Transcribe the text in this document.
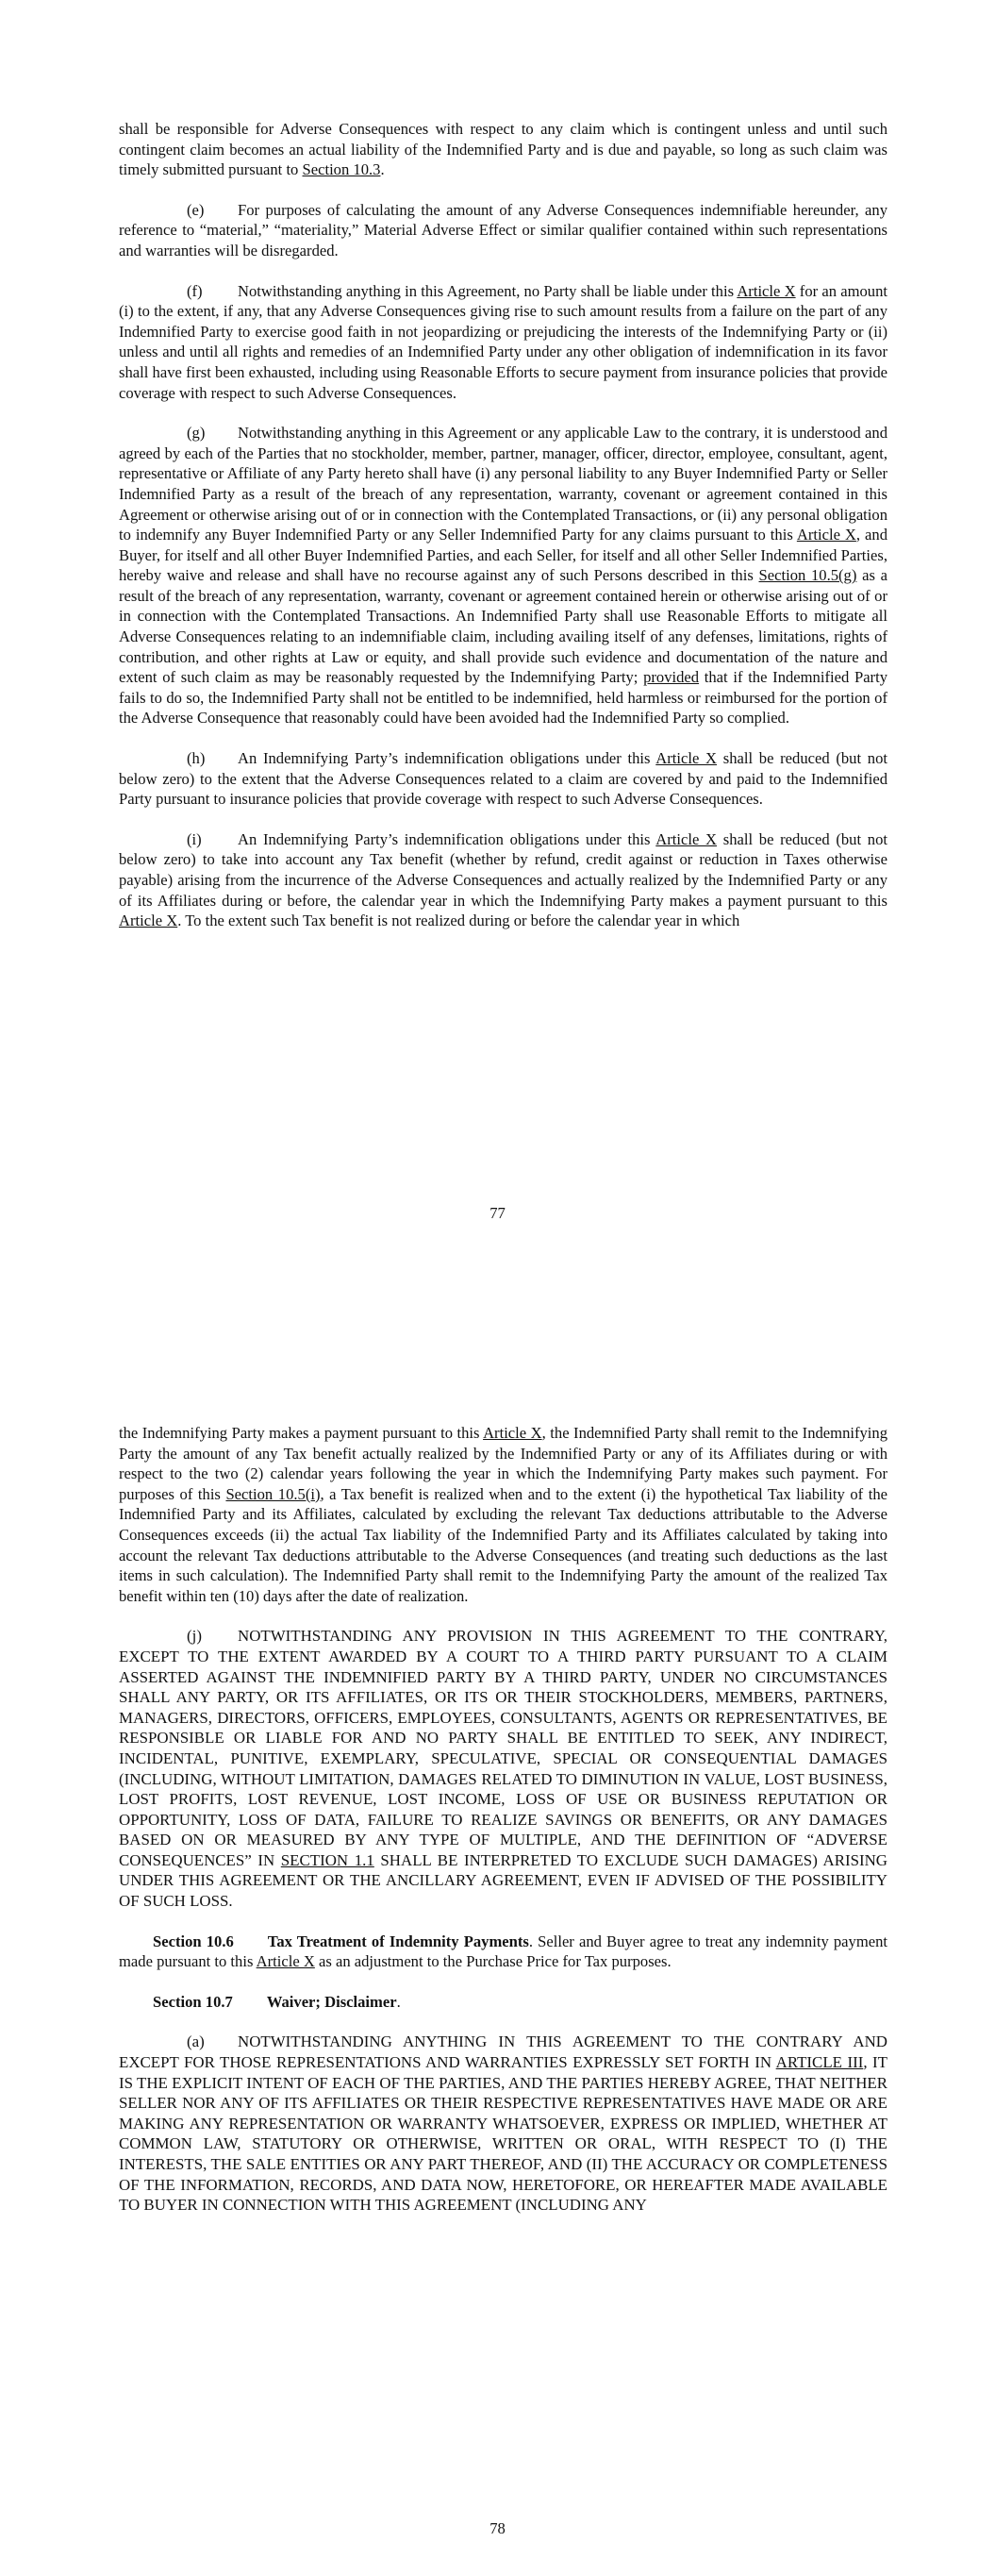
shall be responsible for Adverse Consequences with respect to any claim which is contingent unless and until such contingent claim becomes an actual liability of the Indemnified Party and is due and payable, so long as such claim was timely submitted pursuant to Section 10.3.

(e) For purposes of calculating the amount of any Adverse Consequences indemnifiable hereunder, any reference to “material,” “materiality,” Material Adverse Effect or similar qualifier contained within such representations and warranties will be disregarded.

(f) Notwithstanding anything in this Agreement, no Party shall be liable under this Article X for an amount (i) to the extent, if any, that any Adverse Consequences giving rise to such amount results from a failure on the part of any Indemnified Party to exercise good faith in not jeopardizing or prejudicing the interests of the Indemnifying Party or (ii) unless and until all rights and remedies of an Indemnified Party under any other obligation of indemnification in its favor shall have first been exhausted, including using Reasonable Efforts to secure payment from insurance policies that provide coverage with respect to such Adverse Consequences.

(g) Notwithstanding anything in this Agreement or any applicable Law to the contrary, it is understood and agreed by each of the Parties that no stockholder, member, partner, manager, officer, director, employee, consultant, agent, representative or Affiliate of any Party hereto shall have (i) any personal liability to any Buyer Indemnified Party or Seller Indemnified Party as a result of the breach of any representation, warranty, covenant or agreement contained in this Agreement or otherwise arising out of or in connection with the Contemplated Transactions, or (ii) any personal obligation to indemnify any Buyer Indemnified Party or any Seller Indemnified Party for any claims pursuant to this Article X, and Buyer, for itself and all other Buyer Indemnified Parties, and each Seller, for itself and all other Seller Indemnified Parties, hereby waive and release and shall have no recourse against any of such Persons described in this Section 10.5(g) as a result of the breach of any representation, warranty, covenant or agreement contained herein or otherwise arising out of or in connection with the Contemplated Transactions. An Indemnified Party shall use Reasonable Efforts to mitigate all Adverse Consequences relating to an indemnifiable claim, including availing itself of any defenses, limitations, rights of contribution, and other rights at Law or equity, and shall provide such evidence and documentation of the nature and extent of such claim as may be reasonably requested by the Indemnifying Party; provided that if the Indemnified Party fails to do so, the Indemnified Party shall not be entitled to be indemnified, held harmless or reimbursed for the portion of the Adverse Consequence that reasonably could have been avoided had the Indemnified Party so complied.

(h) An Indemnifying Party’s indemnification obligations under this Article X shall be reduced (but not below zero) to the extent that the Adverse Consequences related to a claim are covered by and paid to the Indemnified Party pursuant to insurance policies that provide coverage with respect to such Adverse Consequences.

(i) An Indemnifying Party’s indemnification obligations under this Article X shall be reduced (but not below zero) to take into account any Tax benefit (whether by refund, credit against or reduction in Taxes otherwise payable) arising from the incurrence of the Adverse Consequences and actually realized by the Indemnified Party or any of its Affiliates during or before, the calendar year in which the Indemnifying Party makes a payment pursuant to this Article X. To the extent such Tax benefit is not realized during or before the calendar year in which

77

the Indemnifying Party makes a payment pursuant to this Article X, the Indemnified Party shall remit to the Indemnifying Party the amount of any Tax benefit actually realized by the Indemnified Party or any of its Affiliates during or with respect to the two (2) calendar years following the year in which the Indemnifying Party makes such payment. For purposes of this Section 10.5(i), a Tax benefit is realized when and to the extent (i) the hypothetical Tax liability of the Indemnified Party and its Affiliates, calculated by excluding the relevant Tax deductions attributable to the Adverse Consequences exceeds (ii) the actual Tax liability of the Indemnified Party and its Affiliates calculated by taking into account the relevant Tax deductions attributable to the Adverse Consequences (and treating such deductions as the last items in such calculation). The Indemnified Party shall remit to the Indemnifying Party the amount of the realized Tax benefit within ten (10) days after the date of realization.

(j) NOTWITHSTANDING ANY PROVISION IN THIS AGREEMENT TO THE CONTRARY, EXCEPT TO THE EXTENT AWARDED BY A COURT TO A THIRD PARTY PURSUANT TO A CLAIM ASSERTED AGAINST THE INDEMNIFIED PARTY BY A THIRD PARTY, UNDER NO CIRCUMSTANCES SHALL ANY PARTY, OR ITS AFFILIATES, OR ITS OR THEIR STOCKHOLDERS, MEMBERS, PARTNERS, MANAGERS, DIRECTORS, OFFICERS, EMPLOYEES, CONSULTANTS, AGENTS OR REPRESENTATIVES, BE RESPONSIBLE OR LIABLE FOR AND NO PARTY SHALL BE ENTITLED TO SEEK, ANY INDIRECT, INCIDENTAL, PUNITIVE, EXEMPLARY, SPECULATIVE, SPECIAL OR CONSEQUENTIAL DAMAGES (INCLUDING, WITHOUT LIMITATION, DAMAGES RELATED TO DIMINUTION IN VALUE, LOST BUSINESS, LOST PROFITS, LOST REVENUE, LOST INCOME, LOSS OF USE OR BUSINESS REPUTATION OR OPPORTUNITY, LOSS OF DATA, FAILURE TO REALIZE SAVINGS OR BENEFITS, OR ANY DAMAGES BASED ON OR MEASURED BY ANY TYPE OF MULTIPLE, AND THE DEFINITION OF “ADVERSE CONSEQUENCES” IN SECTION 1.1 SHALL BE INTERPRETED TO EXCLUDE SUCH DAMAGES) ARISING UNDER THIS AGREEMENT OR THE ANCILLARY AGREEMENT, EVEN IF ADVISED OF THE POSSIBILITY OF SUCH LOSS.

Section 10.6 Tax Treatment of Indemnity Payments. Seller and Buyer agree to treat any indemnity payment made pursuant to this Article X as an adjustment to the Purchase Price for Tax purposes.

Section 10.7 Waiver; Disclaimer.

(a) NOTWITHSTANDING ANYTHING IN THIS AGREEMENT TO THE CONTRARY AND EXCEPT FOR THOSE REPRESENTATIONS AND WARRANTIES EXPRESSLY SET FORTH IN ARTICLE III, IT IS THE EXPLICIT INTENT OF EACH OF THE PARTIES, AND THE PARTIES HEREBY AGREE, THAT NEITHER SELLER NOR ANY OF ITS AFFILIATES OR THEIR RESPECTIVE REPRESENTATIVES HAVE MADE OR ARE MAKING ANY REPRESENTATION OR WARRANTY WHATSOEVER, EXPRESS OR IMPLIED, WHETHER AT COMMON LAW, STATUTORY OR OTHERWISE, WRITTEN OR ORAL, WITH RESPECT TO (I) THE INTERESTS, THE SALE ENTITIES OR ANY PART THEREOF, AND (II) THE ACCURACY OR COMPLETENESS OF THE INFORMATION, RECORDS, AND DATA NOW, HERETOFORE, OR HEREAFTER MADE AVAILABLE TO BUYER IN CONNECTION WITH THIS AGREEMENT (INCLUDING ANY

78
